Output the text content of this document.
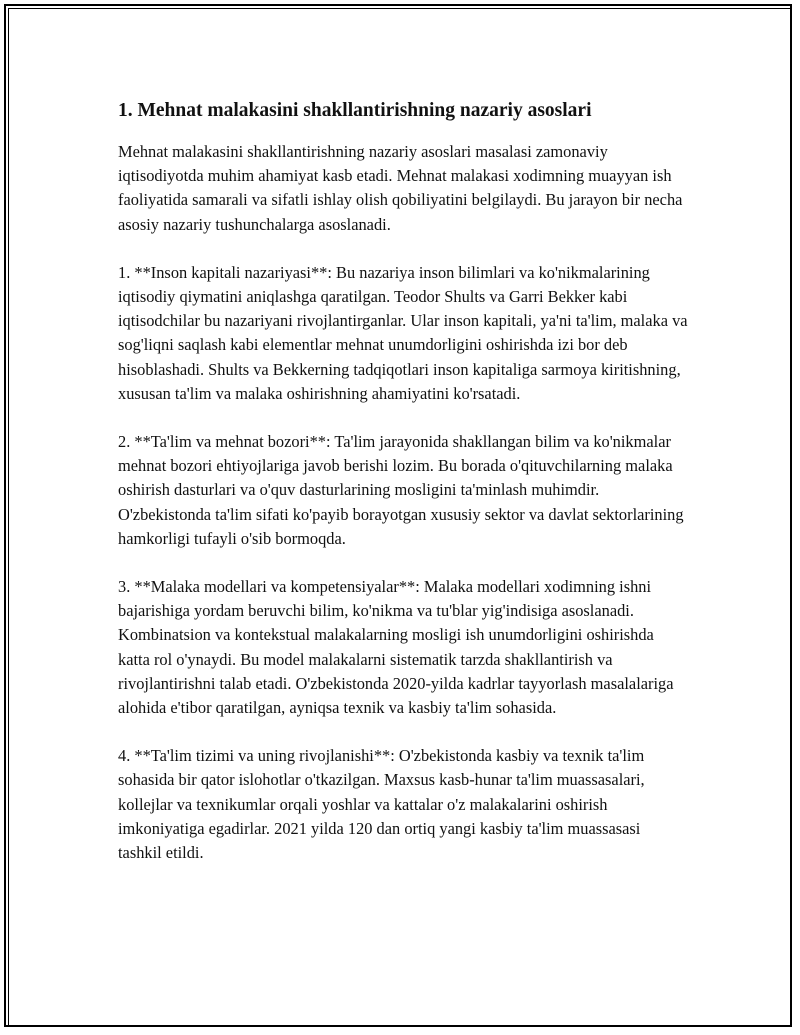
1. Mehnat malakasini shakllantirishning nazariy asoslari

Mehnat malakasini shakllantirishning nazariy asoslari masalasi zamonaviy iqtisodiyotda muhim ahamiyat kasb etadi. Mehnat malakasi xodimning muayyan ish faoliyatida samarali va sifatli ishlay olish qobiliyatini belgilaydi. Bu jarayon bir necha asosiy nazariy tushunchalarga asoslanadi.

1. **Inson kapitali nazariyasi**: Bu nazariya inson bilimlari va ko'nikmalarining iqtisodiy qiymatini aniqlashga qaratilgan. Teodor Shults va Garri Bekker kabi iqtisodchilar bu nazariyani rivojlantirganlar. Ular inson kapitali, ya'ni ta'lim, malaka va sog'liqni saqlash kabi elementlar mehnat unumdorligini oshirishda izi bor deb hisoblashadi. Shults va Bekkerning tadqiqotlari inson kapitaliga sarmoya kiritishning, xususan ta'lim va malaka oshirishning ahamiyatini ko'rsatadi.

2. **Ta'lim va mehnat bozori**: Ta'lim jarayonida shakllangan bilim va ko'nikmalar mehnat bozori ehtiyojlariga javob berishi lozim. Bu borada o'qituvchilarning malaka oshirish dasturlari va o'quv dasturlarining mosligini ta'minlash muhimdir. O'zbekistonda ta'lim sifati ko'payib borayotgan xususiy sektor va davlat sektorlarining hamkorligi tufayli o'sib bormoqda.

3. **Malaka modellari va kompetensiyalar**: Malaka modellari xodimning ishni bajarishiga yordam beruvchi bilim, ko'nikma va tu'blar yig'indisiga asoslanadi. Kombinatsion va kontekstual malakalarning mosligi ish unumdorligini oshirishda katta rol o'ynaydi. Bu model malakalarni sistematik tarzda shakllantirish va rivojlantirishni talab etadi. O'zbekistonda 2020-yilda kadrlar tayyorlash masalalariga alohida e'tibor qaratilgan, ayniqsa texnik va kasbiy ta'lim sohasida.

4. **Ta'lim tizimi va uning rivojlanishi**: O'zbekistonda kasbiy va texnik ta'lim sohasida bir qator islohotlar o'tkazilgan. Maxsus kasb-hunar ta'lim muassasalari, kollejlar va texnikumlar orqali yoshlar va kattalar o'z malakalarini oshirish imkoniyatiga egadirlar. 2021 yilda 120 dan ortiq yangi kasbiy ta'lim muassasasi tashkil etildi.
